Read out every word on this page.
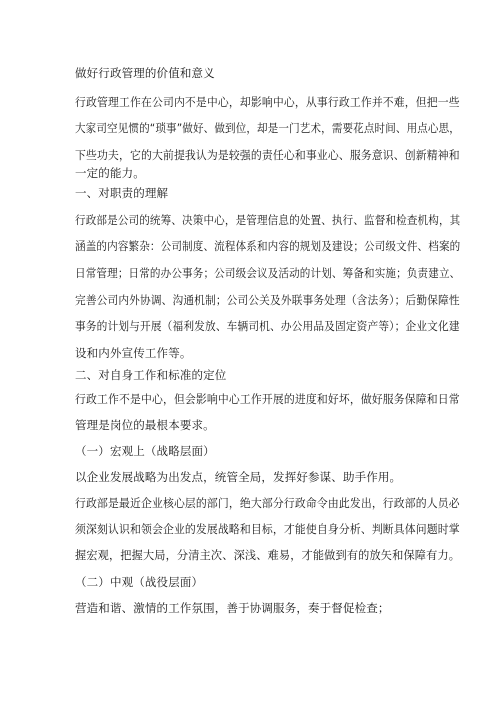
做好行政管理的价值和意义
行政管理工作在公司内不是中心，却影响中心，从事行政工作并不难，但把一些
大家司空见惯的“琐事”做好、做到位，却是一门艺术，需要花点时间、用点心思，
下些功夫，它的大前提我认为是较强的责任心和事业心、服务意识、创新精神和
一定的能力。
一、对职责的理解
行政部是公司的统筹、决策中心，是管理信息的处置、执行、监督和检查机构，其
涵盖的内容繁杂：公司制度、流程体系和内容的规划及建设；公司级文件、档案的
日常管理；日常的办公事务；公司级会议及活动的计划、筹备和实施；负责建立、
完善公司内外协调、沟通机制；公司公关及外联事务处理（含法务）；后勤保障性
事务的计划与开展（福利发放、车辆司机、办公用品及固定资产等）；企业文化建
设和内外宣传工作等。
二、对自身工作和标准的定位
行政工作不是中心，但会影响中心工作开展的进度和好坏，做好服务保障和日常
管理是岗位的最根本要求。
（一）宏观上（战略层面）
以企业发展战略为出发点，统管全局，发挥好参谋、助手作用。
行政部是最近企业核心层的部门，绝大部分行政命令由此发出，行政部的人员必
须深刻认识和领会企业的发展战略和目标，才能使自身分析、判断具体问题时掌
握宏观，把握大局，分清主次、深浅、难易，才能做到有的放矢和保障有力。
（二）中观（战役层面）
营造和谐、激情的工作氛围，善于协调服务，奏于督促检查；
